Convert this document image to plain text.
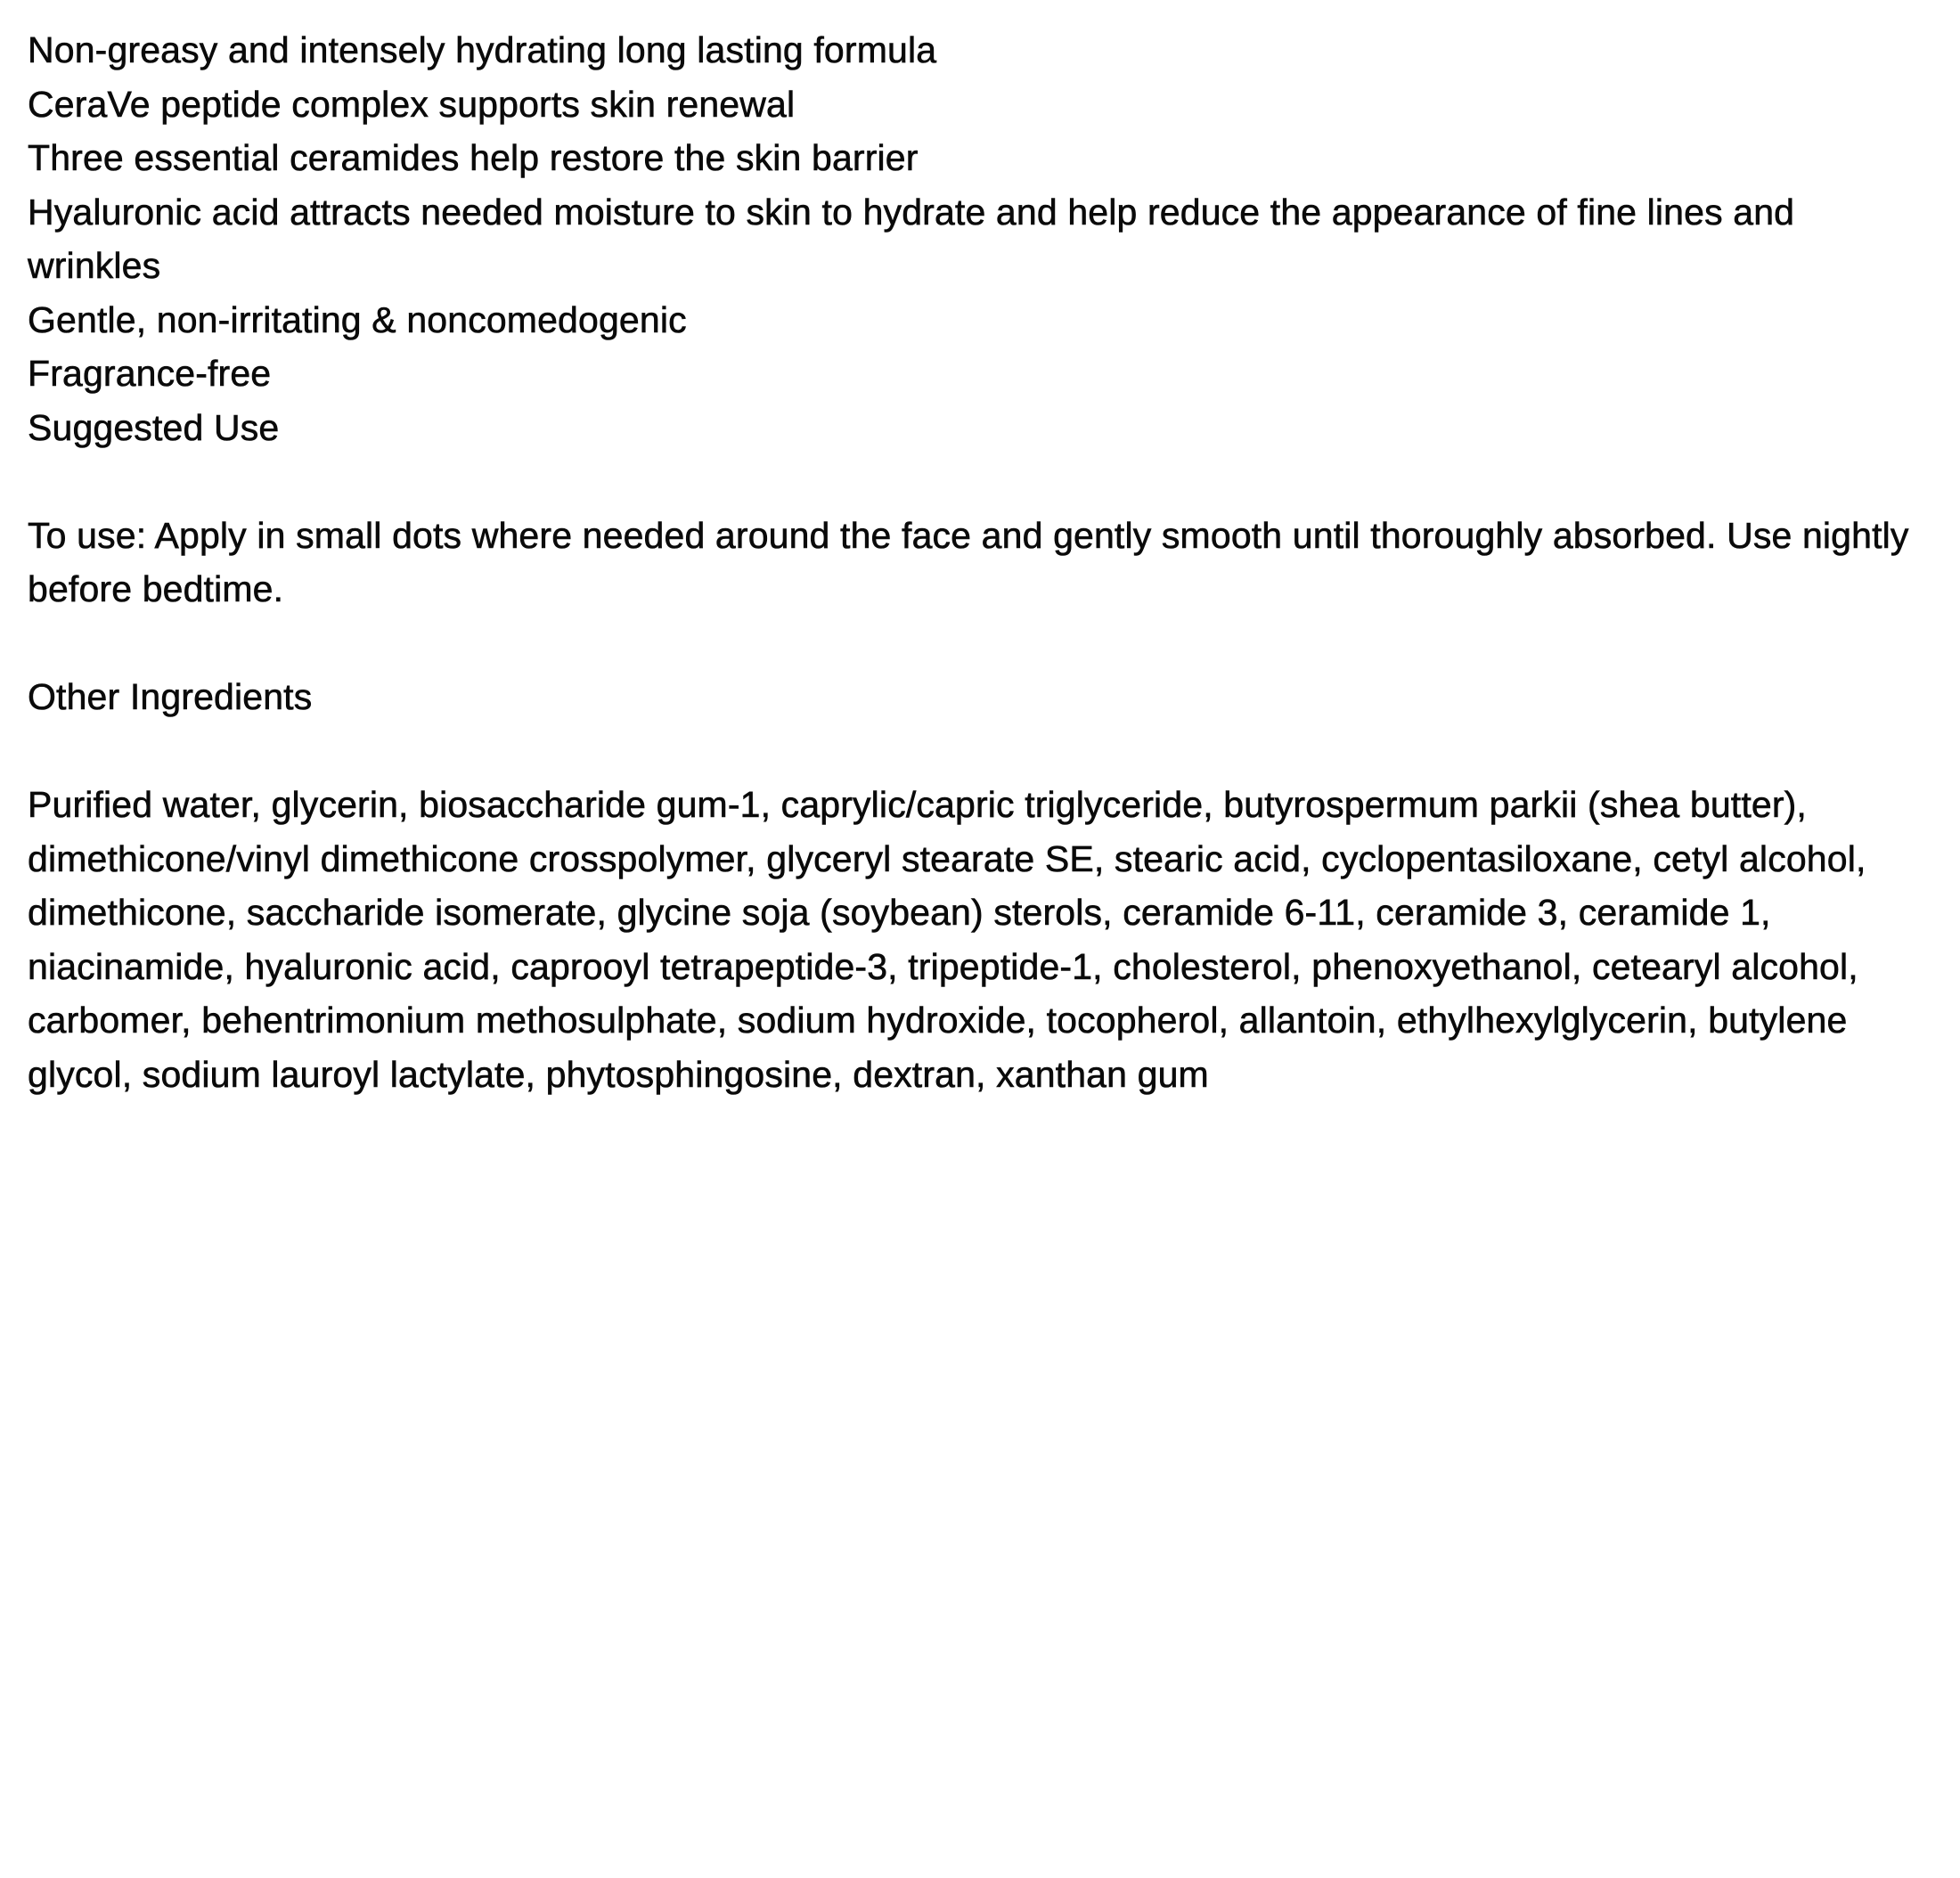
Non-greasy and intensely hydrating long lasting formula

CeraVe peptide complex supports skin renewal

Three essential ceramides help restore the skin barrier

Hyaluronic acid attracts needed moisture to skin to hydrate and help reduce the appearance of fine lines and wrinkles

Gentle, non-irritating & noncomedogenic

Fragrance-free

Suggested Use

To use: Apply in small dots where needed around the face and gently smooth until thoroughly absorbed. Use nightly before bedtime.

Other Ingredients

Purified water, glycerin, biosaccharide gum-1, caprylic/capric triglyceride, butyrospermum parkii (shea butter), dimethicone/vinyl dimethicone crosspolymer, glyceryl stearate SE, stearic acid, cyclopentasiloxane, cetyl alcohol, dimethicone, saccharide isomerate, glycine soja (soybean) sterols, ceramide 6-11, ceramide 3, ceramide 1, niacinamide, hyaluronic acid, caprooyl tetrapeptide-3, tripeptide-1, cholesterol, phenoxyethanol, cetearyl alcohol, carbomer, behentrimonium methosulphate, sodium hydroxide, tocopherol, allantoin, ethylhexylglycerin, butylene glycol, sodium lauroyl lactylate, phytosphingosine, dextran, xanthan gum
